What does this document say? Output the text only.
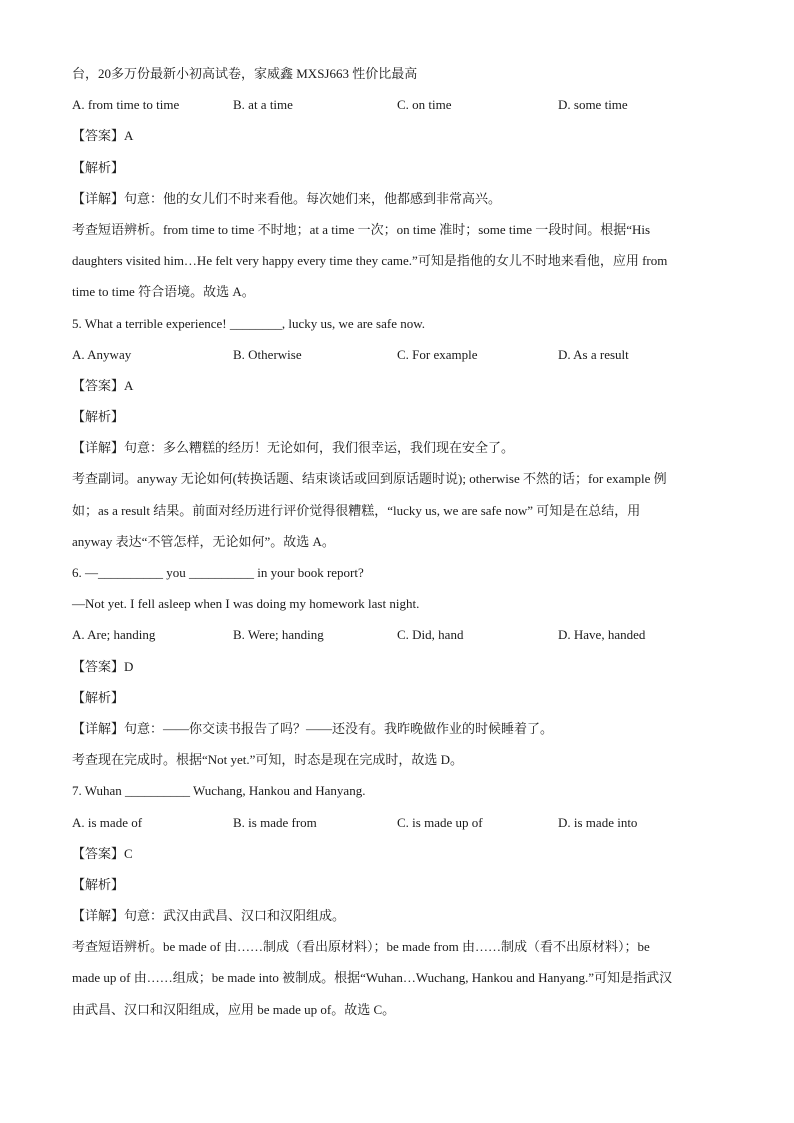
台，20多万份最新小初高试卷，家威鑫 MXSJ663 性价比最高
A. from time to time	B. at a time	C. on time	D. some time
【答案】A
【解析】
【详解】句意：他的女儿们不时来看他。每次她们来，他都感到非常高兴。
考查短语辨析。from time to time 不时地；at a time 一次；on time 准时；some time 一段时间。根据“His
daughters visited him…He felt very happy every time they came.”可知是指他的女儿不时地来看他，应用 from
time to time 符合语境。故选 A。
5. What a terrible experience! ________, lucky us, we are safe now.
A. Anyway	B. Otherwise	C. For example	D. As a result
【答案】A
【解析】
【详解】句意：多么糟糕的经历！无论如何，我们很幸运，我们现在安全了。
考查副词。anyway 无论如何(转换话题、结束谈话或回到原话题时说); otherwise 不然的话；for example 例
如；as a result 结果。前面对经历进行评价觉得很糟糕，“lucky us, we are safe now” 可知是在总结，用
anyway 表达“不管怎样，无论如何”。故选 A。
6. —__________ you __________ in your book report?
—Not yet. I fell asleep when I was doing my homework last night.
A. Are; handing	B. Were; handing	C. Did, hand	D. Have, handed
【答案】D
【解析】
【详解】句意：——你交读书报告了吗？——还没有。我昨晚做作业的时候睡着了。
考查现在完成时。根据“Not yet.”可知，时态是现在完成时，故选 D。
7. Wuhan __________ Wuchang, Hankou and Hanyang.
A. is made of	B. is made from	C. is made up of	D. is made into
【答案】C
【解析】
【详解】句意：武汉由武昌、汉口和汉阳组成。
考查短语辨析。be made of 由……制成（看出原材料）；be made from 由……制成（看不出原材料）；be
made up of 由……组成；be made into 被制成。根据“Wuhan…Wuchang, Hankou and Hanyang.”可知是指武汉
由武昌、汉口和汉阳组成，应用 be made up of。故选 C。
